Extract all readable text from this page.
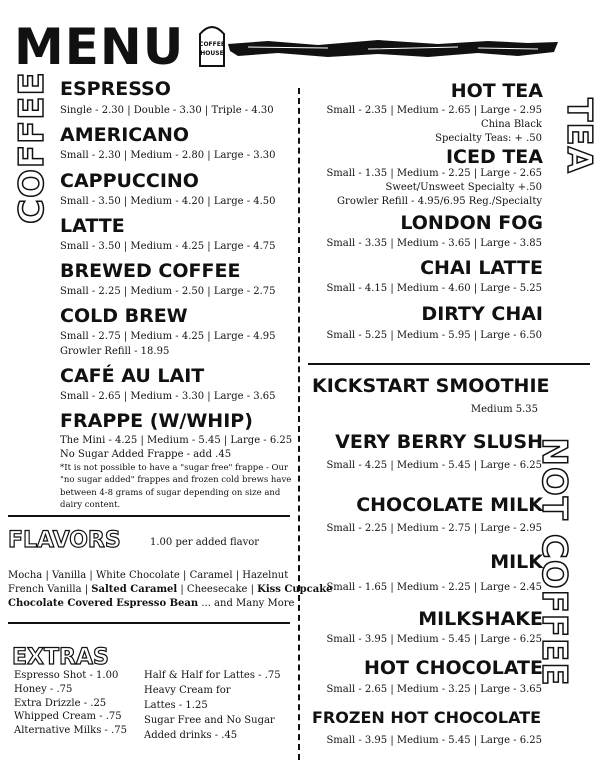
MENU COFFEE
HOUSE
COFFEE ESPRESSO
Single - 2.30 | Double - 3.30 | Triple - 4.30
AMERICANO
Small - 2.30 | Medium - 2.80 | Large - 3.30
CAPPUCCINO
Small - 3.50 | Medium - 4.20 | Large - 4.50
LATTE
Small - 3.50 | Medium - 4.25 | Large - 4.75
BREWED COFFEE
Small - 2.25 | Medium - 2.50 | Large - 2.75
COLD BREW
Small - 2.75 | Medium - 4.25 | Large - 4.95
Growler Refill - 18.95
CAFÉ AU LAIT
Small - 2.65 | Medium - 3.30 | Large - 3.65
FRAPPE (W/WHIP)
The Mini - 4.25 | Medium - 5.45 | Large - 6.25
No Sugar Added Frappe - add .45
*It is not possible to have a "sugar free" frappe - Our "no sugar added" frappes and frozen cold brews have between 4-8 grams of sugar depending on size and dairy content.
FLAVORS	1.00 per added flavor
Mocha | Vanilla | White Chocolate | Caramel | Hazelnut
French Vanilla | Salted Caramel | Cheesecake | Kiss Cupcake
Chocolate Covered Espresso Bean ... and Many More
EXTRAS
Espresso Shot - 1.00
Honey - .75
Extra Drizzle - .25
Whipped Cream - .75
Alternative Milks - .75
Half & Half for Lattes - .75
Heavy Cream for
Lattes - 1.25
Sugar Free and No Sugar
Added drinks - .45
TEA
HOT TEA
Small - 2.35 | Medium - 2.65 | Large - 2.95
China Black
Specialty Teas: + .50
ICED TEA
Small - 1.35 | Medium - 2.25 | Large - 2.65
Sweet/Unsweet Specialty +.50
Growler Refill - 4.95/6.95 Reg./Specialty
LONDON FOG
Small - 3.35 | Medium - 3.65 | Large - 3.85
CHAI LATTE
Small - 4.15 | Medium - 4.60 | Large - 5.25
DIRTY CHAI
Small - 5.25 | Medium - 5.95 | Large - 6.50
NOT COFFEE
KICKSTART SMOOTHIE
Medium 5.35
VERY BERRY SLUSH
Small - 4.25 | Medium - 5.45 | Large - 6.25
CHOCOLATE MILK
Small - 2.25 | Medium - 2.75 | Large - 2.95
MILK
Small - 1.65 | Medium - 2.25 | Large - 2.45
MILKSHAKE
Small - 3.95 | Medium - 5.45 | Large - 6.25
HOT CHOCOLATE
Small - 2.65 | Medium - 3.25 | Large - 3.65
FROZEN HOT CHOCOLATE
Small - 3.95 | Medium - 5.45 | Large - 6.25
